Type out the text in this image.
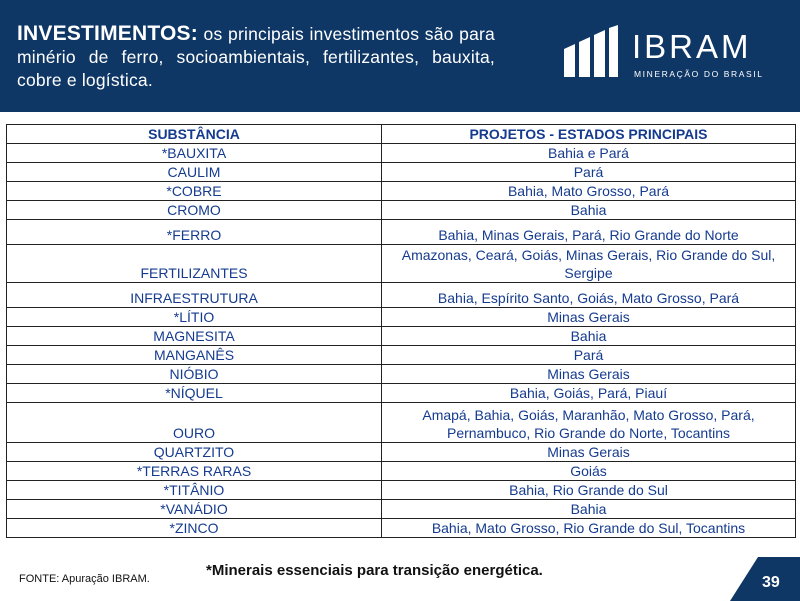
INVESTIMENTOS: os principais investimentos são para minério de ferro, socioambientais, fertilizantes, bauxita, cobre e logística.
IBRAM
MINERAÇÃO DO BRASIL
SUBSTÂNCIA	PROJETOS - ESTADOS PRINCIPAIS
*BAUXITA	Bahia e Pará
CAULIM	Pará
*COBRE	Bahia, Mato Grosso, Pará
CROMO	Bahia
*FERRO	Bahia, Minas Gerais, Pará, Rio Grande do Norte
FERTILIZANTES	Amazonas, Ceará, Goiás, Minas Gerais, Rio Grande do Sul, Sergipe
INFRAESTRUTURA	Bahia, Espírito Santo, Goiás, Mato Grosso, Pará
*LÍTIO	Minas Gerais
MAGNESITA	Bahia
MANGANÊS	Pará
NIÓBIO	Minas Gerais
*NÍQUEL	Bahia, Goiás, Pará, Piauí
OURO	Amapá, Bahia, Goiás, Maranhão, Mato Grosso, Pará, Pernambuco, Rio Grande do Norte, Tocantins
QUARTZITO	Minas Gerais
*TERRAS RARAS	Goiás
*TITÂNIO	Bahia, Rio Grande do Sul
*VANÁDIO	Bahia
*ZINCO	Bahia, Mato Grosso, Rio Grande do Sul, Tocantins
*Minerais essenciais para transição energética.
FONTE: Apuração IBRAM.	39
